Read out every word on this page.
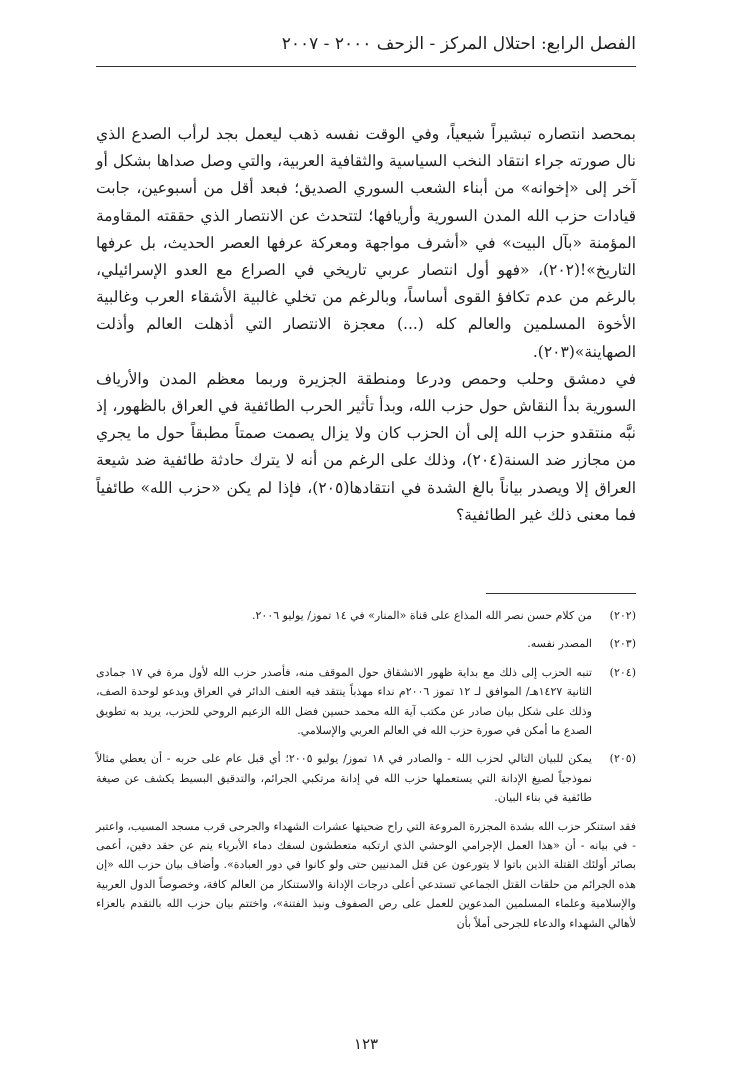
الفصل الرابع: احتلال المركز - الزحف ٢٠٠٠ - ٢٠٠٧

بمحصد انتصاره تبشيراً شيعياً، وفي الوقت نفسه ذهب ليعمل بجد لرأب الصدع الذي نال صورته جراء انتقاد النخب السياسية والثقافية العربية، والتي وصل صداها بشكل أو آخر إلى «إخوانه» من أبناء الشعب السوري الصديق؛ فبعد أقل من أسبوعين، جابت قيادات حزب الله المدن السورية وأريافها؛ لتتحدث عن الانتصار الذي حققته المقاومة المؤمنة «بآل البيت» في «أشرف مواجهة ومعركة عرفها العصر الحديث، بل عرفها التاريخ»!(٢٠٢)، «فهو أول انتصار عربي تاريخي في الصراع مع العدو الإسرائيلي، بالرغم من عدم تكافؤ القوى أساساً، وبالرغم من تخلي غالبية الأشقاء العرب وغالبية الأخوة المسلمين والعالم كله (...) معجزة الانتصار التي أذهلت العالم وأذلت الصهاينة»(٢٠٣).

في دمشق وحلب وحمص ودرعا ومنطقة الجزيرة وربما معظم المدن والأرياف السورية بدأ النقاش حول حزب الله، وبدأ تأثير الحرب الطائفية في العراق بالظهور، إذ نبَّه منتقدو حزب الله إلى أن الحزب كان ولا يزال يصمت صمتاً مطبقاً حول ما يجري من مجازر ضد السنة(٢٠٤)، وذلك على الرغم من أنه لا يترك حادثة طائفية ضد شيعة العراق إلا ويصدر بياناً بالغ الشدة في انتقادها(٢٠٥)، فإذا لم يكن «حزب الله» طائفياً فما معنى ذلك غير الطائفية؟

(٢٠٢)

من كلام حسن نصر الله المذاع على قناة «المنار» في ١٤ تموز/ يوليو ٢٠٠٦.

(٢٠٣)

المصدر نفسه.

(٢٠٤)

تنبه الحزب إلى ذلك مع بداية ظهور الانشقاق حول الموقف منه، فأصدر حزب الله لأول مرة في ١٧ جمادى الثانية ١٤٢٧هـ/ الموافق لـ ١٢ تموز ٢٠٠٦م نداء مهذباً ينتقد فيه العنف الدائر في العراق ويدعو لوحدة الصف، وذلك على شكل بيان صادر عن مكتب آية الله محمد حسين فضل الله الزعيم الروحي للحزب، يريد به تطويق الصدع ما أمكن في صورة حزب الله في العالم العربي والإسلامي.

(٢٠٥)

يمكن للبيان التالي لحزب الله - والصادر في ١٨ تموز/ يوليو ٢٠٠٥؛ أي قبل عام على حربه - أن يعطي مثالاً نموذجياً لصيغ الإدانة التي يستعملها حزب الله في إدانة مرتكبي الجرائم، والتدقيق البسيط يكشف عن صيغة طائفية في بناء البيان.

فقد استنكر حزب الله بشدة المجزرة المروعة التي راح ضحيتها عشرات الشهداء والجرحى قرب مسجد المسيب، واعتبر - في بيانه - أن «هذا العمل الإجرامي الوحشي الذي ارتكبه متعطشون لسفك دماء الأبرياء ينم عن حقد دفين، أعمى بصائر أولئك القتلة الذين باتوا لا يتورعون عن قتل المدنيين حتى ولو كانوا في دور العبادة». وأضاف بيان حزب الله «إن هذه الجرائم من حلقات القتل الجماعي تستدعي أعلى درجات الإدانة والاستنكار من العالم كافة، وخصوصاً الدول العربية والإسلامية وعلماء المسلمين المدعوين للعمل على رص الصفوف ونبذ الفتنة»، واختتم بيان حزب الله بالتقدم بالعزاء لأهالي الشهداء والدعاء للجرحى أملاً بأن

١٢٣
